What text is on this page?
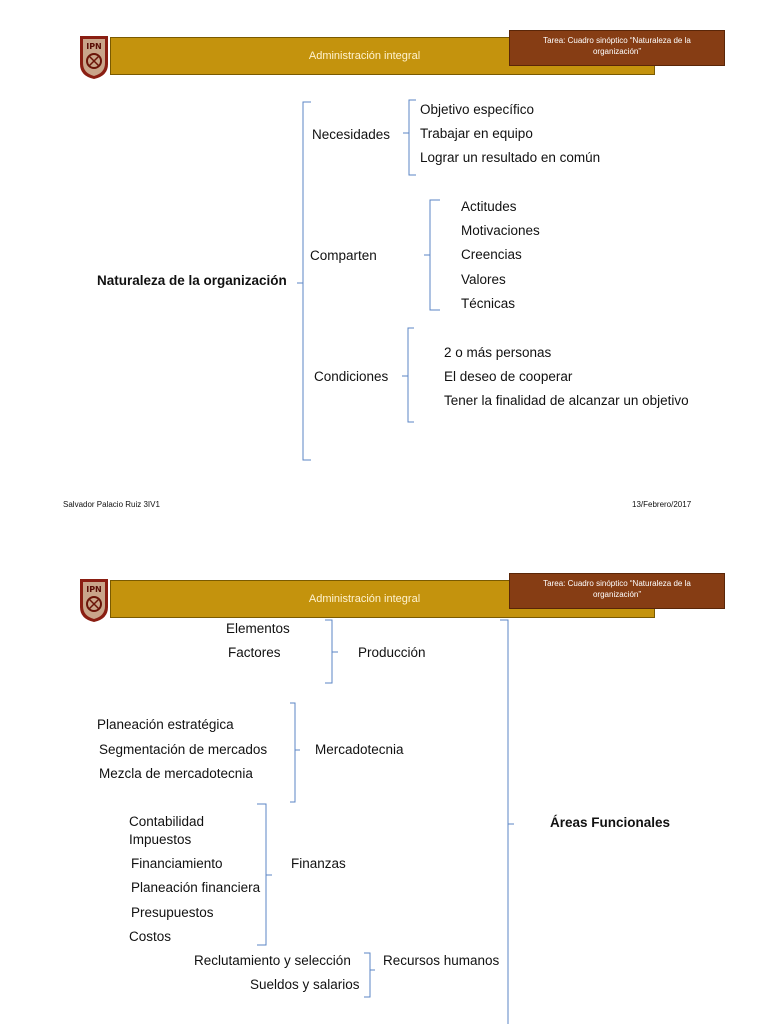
IPN
Administración integral
Tarea: Cuadro sinóptico “Naturaleza de la organización”
Naturaleza de la organización
Necesidades
Objetivo específico
Trabajar en equipo
Lograr un resultado en común
Comparten
Actitudes
Motivaciones
Creencias
Valores
Técnicas
Condiciones
2 o más personas
El deseo de cooperar
Tener la finalidad de alcanzar un objetivo
Salvador Palacio Ruiz 3IV1	13/Febrero/2017
IPN
Administración integral
Tarea: Cuadro sinóptico “Naturaleza de la organización”
Áreas Funcionales
Elementos
Factores	Producción
Planeación estratégica
Segmentación de mercados
Mezcla de mercadotecnia
Mercadotecnia
Contabilidad
Impuestos
Financiamiento
Planeación financiera
Presupuestos
Costos
Finanzas
Reclutamiento y selección
Sueldos y salarios
Recursos humanos
